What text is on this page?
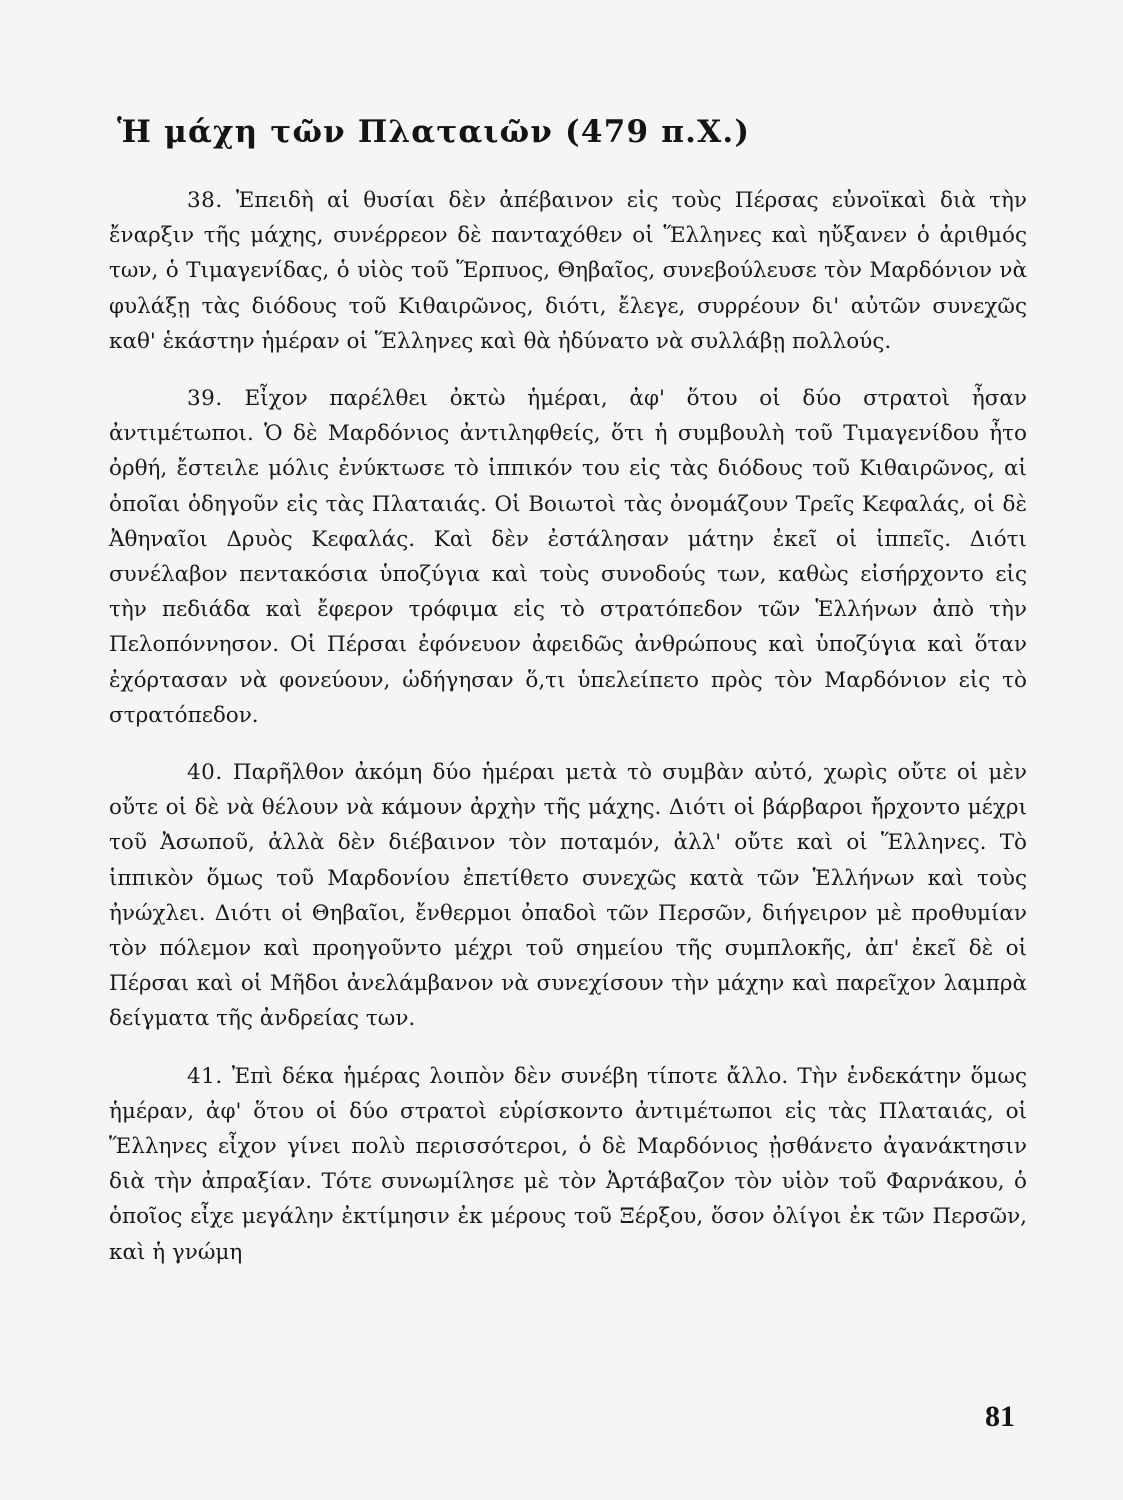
Ἡ μάχη τῶν Πλαταιῶν (479 π.Χ.)

38. Ἐπειδὴ αἱ θυσίαι δὲν ἀπέβαινον εἰς τοὺς Πέρσας εὐνοϊκαὶ διὰ τὴν ἔναρξιν τῆς μάχης, συνέρρεον δὲ πανταχόθεν οἱ Ἕλληνες καὶ ηὔξανεν ὁ ἀριθμός των, ὁ Τιμαγενίδας, ὁ υἱὸς τοῦ Ἕρπυος, Θηβαῖος, συνεβούλευσε τὸν Μαρδόνιον νὰ φυλάξῃ τὰς διόδους τοῦ Κιθαιρῶνος, διότι, ἔλεγε, συρρέουν δι' αὐτῶν συνεχῶς καθ' ἑκάστην ἡμέραν οἱ Ἕλληνες καὶ θὰ ἠδύνατο νὰ συλλάβῃ πολλούς.

39. Εἶχον παρέλθει ὀκτὼ ἡμέραι, ἀφ' ὅτου οἱ δύο στρατοὶ ἦσαν ἀντιμέτωποι. Ὁ δὲ Μαρδόνιος ἀντιληφθείς, ὅτι ἡ συμβουλὴ τοῦ Τιμαγενίδου ἦτο ὀρθή, ἔστειλε μόλις ἐνύκτωσε τὸ ἱππικόν του εἰς τὰς διόδους τοῦ Κιθαιρῶνος, αἱ ὁποῖαι ὁδηγοῦν εἰς τὰς Πλαταιάς. Οἱ Βοιωτοὶ τὰς ὀνομάζουν Τρεῖς Κεφαλάς, οἱ δὲ Ἀθηναῖοι Δρυὸς Κεφαλάς. Καὶ δὲν ἐστάλησαν μάτην ἐκεῖ οἱ ἱππεῖς. Διότι συνέλαβον πεντακόσια ὑποζύγια καὶ τοὺς συνοδούς των, καθὼς εἰσήρχοντο εἰς τὴν πεδιάδα καὶ ἔφερον τρόφιμα εἰς τὸ στρατόπεδον τῶν Ἑλλήνων ἀπὸ τὴν Πελοπόννησον. Οἱ Πέρσαι ἐφόνευον ἀφειδῶς ἀνθρώπους καὶ ὑποζύγια καὶ ὅταν ἐχόρτασαν νὰ φονεύουν, ὡδήγησαν ὅ,τι ὑπελείπετο πρὸς τὸν Μαρδόνιον εἰς τὸ στρατόπεδον.

40. Παρῆλθον ἀκόμη δύο ἡμέραι μετὰ τὸ συμβὰν αὐτό, χωρὶς οὔτε οἱ μὲν οὔτε οἱ δὲ νὰ θέλουν νὰ κάμουν ἀρχὴν τῆς μάχης. Διότι οἱ βάρβαροι ἤρχοντο μέχρι τοῦ Ἀσωποῦ, ἀλλὰ δὲν διέβαινον τὸν ποταμόν, ἀλλ' οὔτε καὶ οἱ Ἕλληνες. Τὸ ἱππικὸν ὅμως τοῦ Μαρδονίου ἐπετίθετο συνεχῶς κατὰ τῶν Ἑλλήνων καὶ τοὺς ἠνώχλει. Διότι οἱ Θηβαῖοι, ἔνθερμοι ὀπαδοὶ τῶν Περσῶν, διήγειρον μὲ προθυμίαν τὸν πόλεμον καὶ προηγοῦντο μέχρι τοῦ σημείου τῆς συμπλοκῆς, ἀπ' ἐκεῖ δὲ οἱ Πέρσαι καὶ οἱ Μῆδοι ἀνελάμβανον νὰ συνεχίσουν τὴν μάχην καὶ παρεῖχον λαμπρὰ δείγματα τῆς ἀνδρείας των.

41. Ἐπὶ δέκα ἡμέρας λοιπὸν δὲν συνέβη τίποτε ἄλλο. Τὴν ἑνδεκάτην ὅμως ἡμέραν, ἀφ' ὅτου οἱ δύο στρατοὶ εὑρίσκοντο ἀντιμέτωποι εἰς τὰς Πλαταιάς, οἱ Ἕλληνες εἶχον γίνει πολὺ περισσότεροι, ὁ δὲ Μαρδόνιος ᾐσθάνετο ἀγανάκτησιν διὰ τὴν ἀπραξίαν. Τότε συνωμίλησε μὲ τὸν Ἀρτάβαζον τὸν υἱὸν τοῦ Φαρνάκου, ὁ ὁποῖος εἶχε μεγάλην ἐκτίμησιν ἐκ μέρους τοῦ Ξέρξου, ὅσον ὀλίγοι ἐκ τῶν Περσῶν, καὶ ἡ γνώμη

81
